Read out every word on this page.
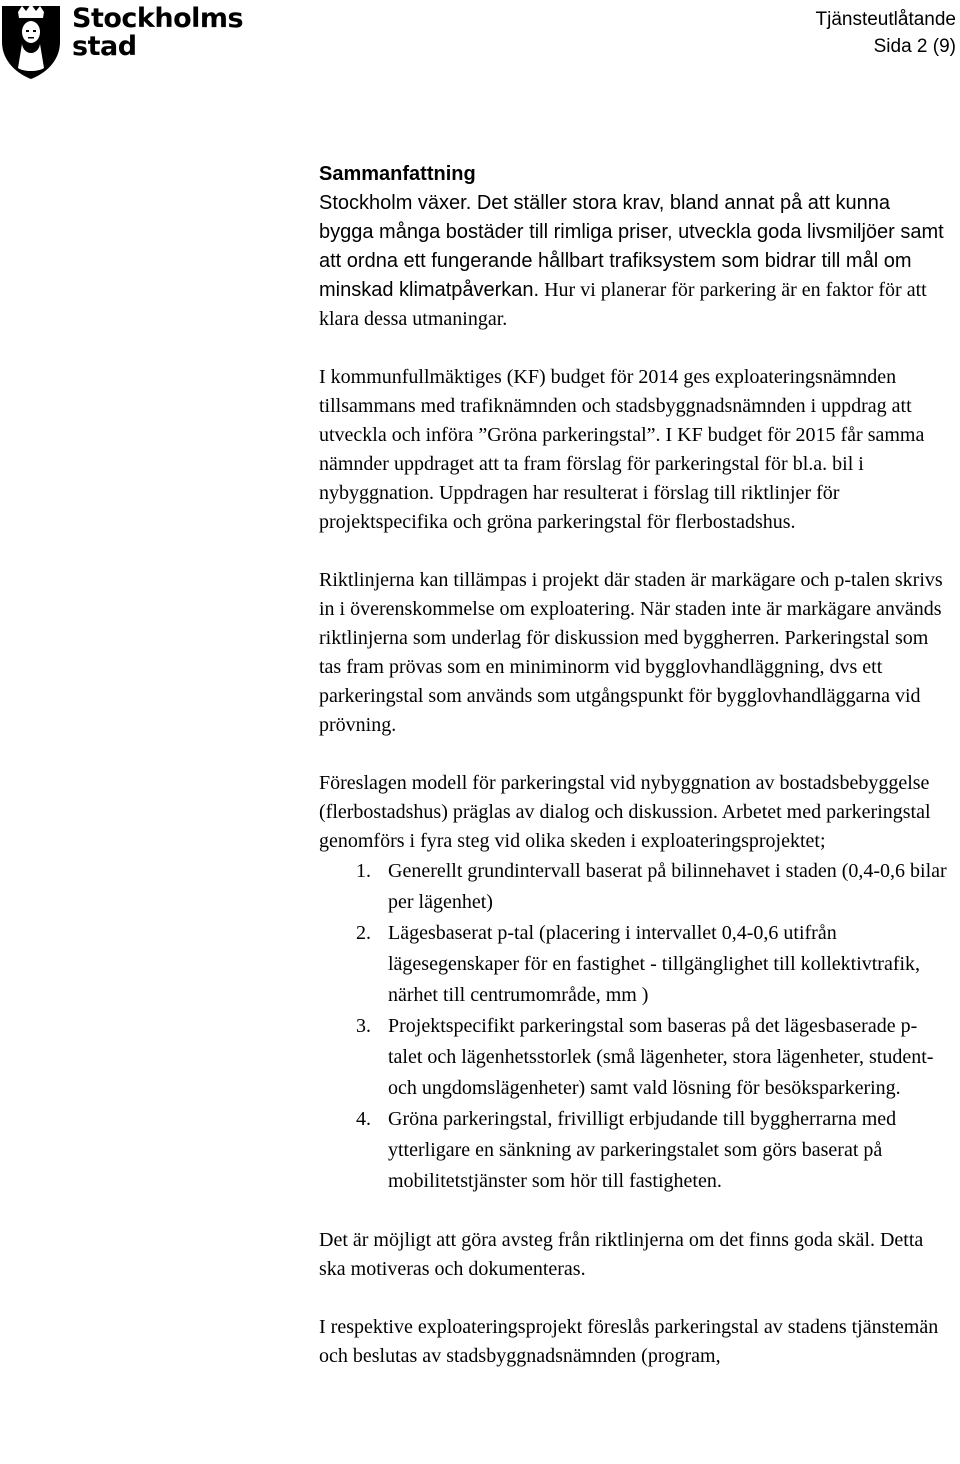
Stockholms
stad
Tjänsteutlåtande
Sida 2 (9)
Sammanfattning

Stockholm växer. Det ställer stora krav, bland annat på att kunna bygga många bostäder till rimliga priser, utveckla goda livsmiljöer samt att ordna ett fungerande hållbart trafiksystem som bidrar till mål om minskad klimatpåverkan. Hur vi planerar för parkering är en faktor för att klara dessa utmaningar.

I kommunfullmäktiges (KF) budget för 2014 ges exploateringsnämnden tillsammans med trafiknämnden och stadsbyggnadsnämnden i uppdrag att utveckla och införa ”Gröna parkeringstal”. I KF budget för 2015 får samma nämnder uppdraget att ta fram förslag för parkeringstal för bl.a. bil i nybyggnation. Uppdragen har resulterat i förslag till riktlinjer för projektspecifika och gröna parkeringstal för flerbostadshus.

Riktlinjerna kan tillämpas i projekt där staden är markägare och p-talen skrivs in i överenskommelse om exploatering. När staden inte är markägare används riktlinjerna som underlag för diskussion med byggherren. Parkeringstal som tas fram prövas som en miniminorm vid bygglovhandläggning, dvs ett parkeringstal som används som utgångspunkt för bygglovhandläggarna vid prövning.

Föreslagen modell för parkeringstal vid nybyggnation av bostadsbebyggelse (flerbostadshus) präglas av dialog och diskussion. Arbetet med parkeringstal genomförs i fyra steg vid olika skeden i exploateringsprojektet;

1. Generellt grundintervall baserat på bilinnehavet i staden (0,4-0,6 bilar per lägenhet)
2. Lägesbaserat p-tal (placering i intervallet 0,4-0,6 utifrån lägesegenskaper för en fastighet - tillgänglighet till kollektivtrafik, närhet till centrumområde, mm )
3. Projektspecifikt parkeringstal som baseras på det lägesbaserade p-talet och lägenhetsstorlek (små lägenheter, stora lägenheter, student- och ungdomslägenheter) samt vald lösning för besöksparkering.
4. Gröna parkeringstal, frivilligt erbjudande till byggherrarna med ytterligare en sänkning av parkeringstalet som görs baserat på mobilitetstjänster som hör till fastigheten.

Det är möjligt att göra avsteg från riktlinjerna om det finns goda skäl. Detta ska motiveras och dokumenteras.

I respektive exploateringsprojekt föreslås parkeringstal av stadens tjänstemän och beslutas av stadsbyggnadsnämnden (program,
